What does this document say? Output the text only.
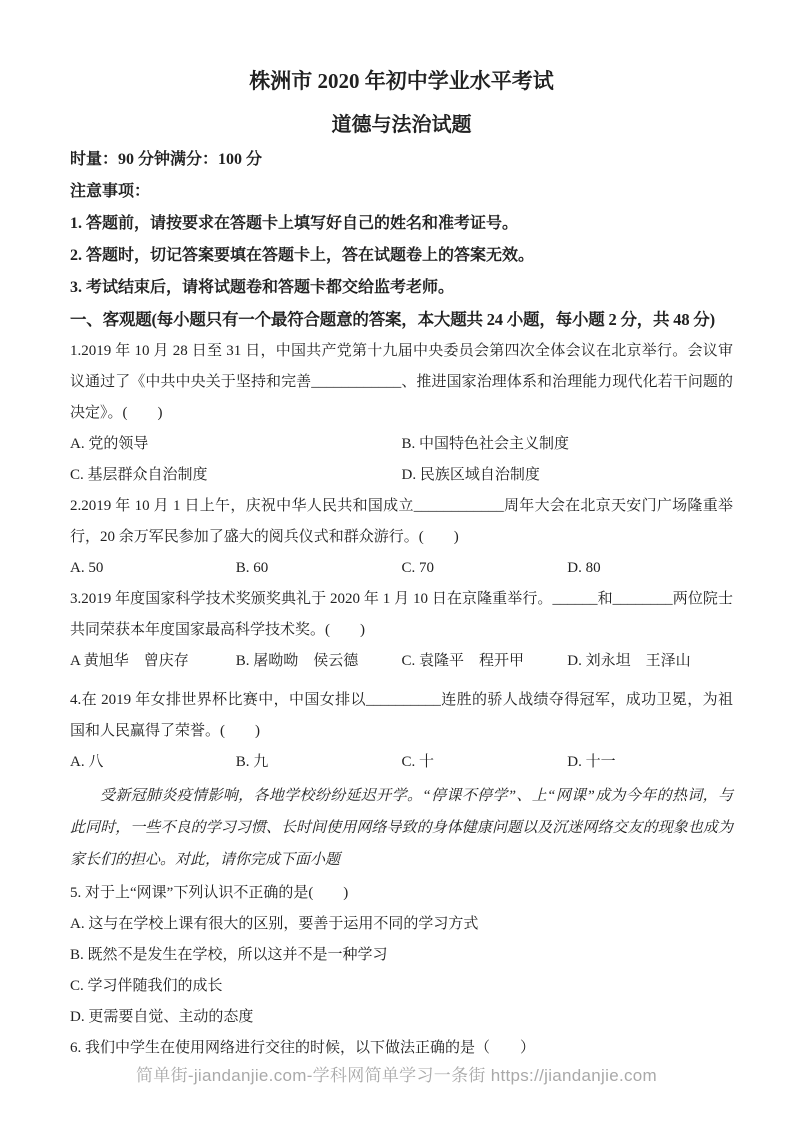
株洲市 2020 年初中学业水平考试
道德与法治试题
时量：90 分钟满分：100 分
注意事项：
1. 答题前，请按要求在答题卡上填写好自己的姓名和准考证号。
2. 答题时，切记答案要填在答题卡上，答在试题卷上的答案无效。
3. 考试结束后，请将试题卷和答题卡都交给监考老师。
一、客观题(每小题只有一个最符合题意的答案，本大题共 24 小题，每小题 2 分，共 48 分)

1.2019 年 10 月 28 日至 31 日，中国共产党第十九届中央委员会第四次全体会议在北京举行。会议审议通过了《中共中央关于坚持和完善____________、推进国家治理体系和治理能力现代化若干问题的决定》。(　　)

A. 党的领导	B. 中国特色社会主义制度
C. 基层群众自治制度	D. 民族区域自治制度

2.2019 年 10 月 1 日上午，庆祝中华人民共和国成立____________周年大会在北京天安门广场隆重举行，20 余万军民参加了盛大的阅兵仪式和群众游行。(　　)

A. 50	B. 60	C. 70	D. 80

3.2019 年度国家科学技术奖颁奖典礼于 2020 年 1 月 10 日在京隆重举行。______和________两位院士共同荣获本年度国家最高科学技术奖。(　　)

A 黄旭华　曾庆存	B. 屠呦呦　侯云德	C. 袁隆平　程开甲	D. 刘永坦　王泽山

4.在 2019 年女排世界杯比赛中，中国女排以__________连胜的骄人战绩夺得冠军，成功卫冕，为祖国和人民赢得了荣誉。(　　)

A. 八	B. 九	C. 十	D. 十一

受新冠肺炎疫情影响，各地学校纷纷延迟开学。“停课不停学”、上“网课”成为今年的热词，与此同时，一些不良的学习习惯、长时间使用网络导致的身体健康问题以及沉迷网络交友的现象也成为家长们的担心。对此，请你完成下面小题

5. 对于上“网课”下列认识不正确的是(　　)

A. 这与在学校上课有很大的区别，要善于运用不同的学习方式
B. 既然不是发生在学校，所以这并不是一种学习
C. 学习伴随我们的成长
D. 更需要自觉、主动的态度

6. 我们中学生在使用网络进行交往的时候，以下做法正确的是（　　）

简单街-jiandanjie.com-学科网简单学习一条街 https://jiandanjie.com
